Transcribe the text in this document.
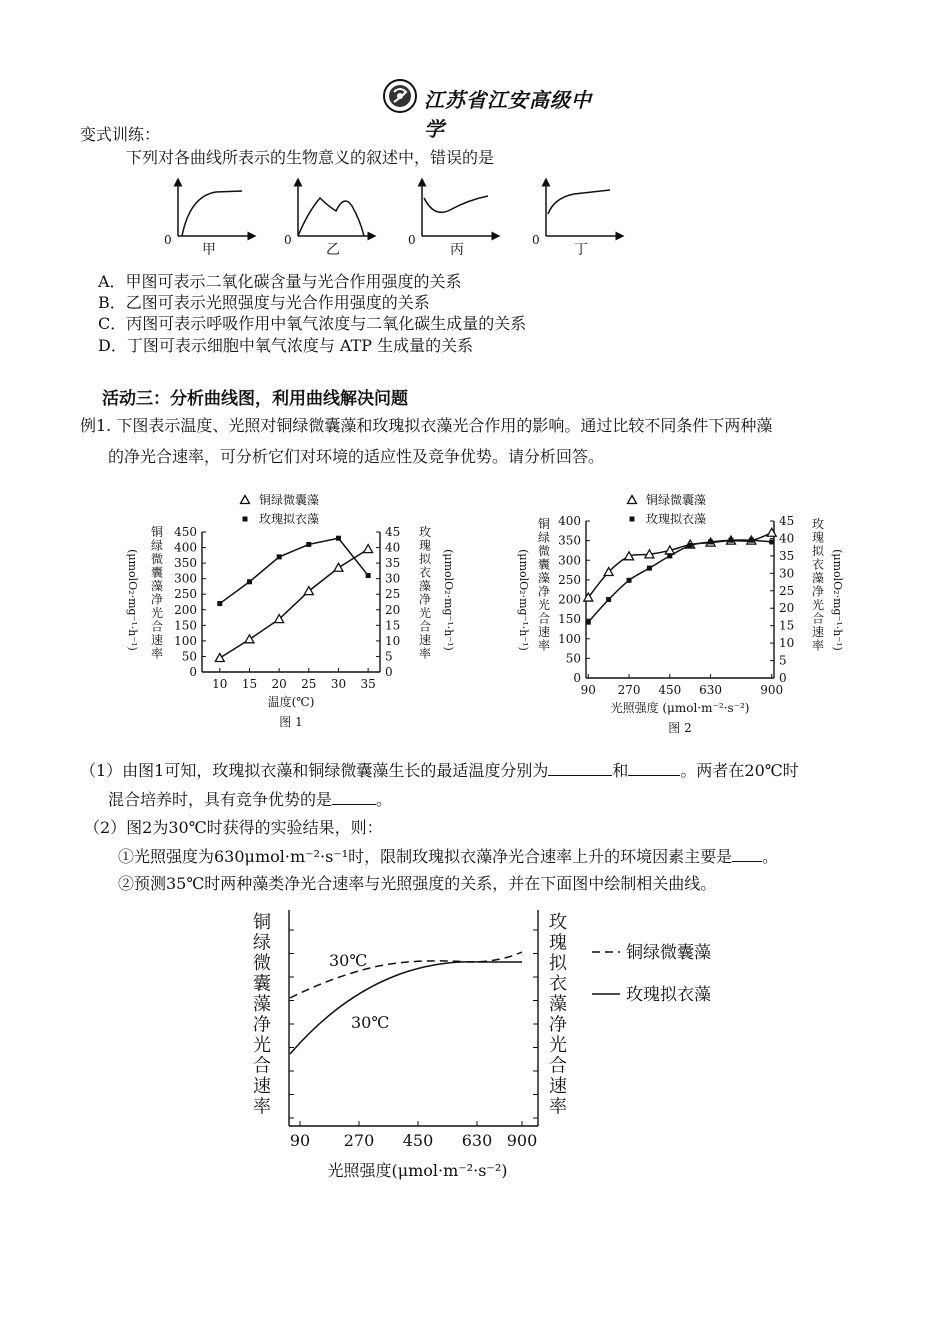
江苏省江安高级中学
变式训练：
下列对各曲线所表示的生物意义的叙述中，错误的是
0	0	0	0
甲	乙	丙	丁
A．甲图可表示二氧化碳含量与光合作用强度的关系
B．乙图可表示光照强度与光合作用强度的关系
C．丙图可表示呼吸作用中氧气浓度与二氧化碳生成量的关系
D．丁图可表示细胞中氧气浓度与 ATP 生成量的关系
活动三：分析曲线图，利用曲线解决问题
例1. 下图表示温度、光照对铜绿微囊藻和玫瑰拟衣藻光合作用的影响。通过比较不同条件下两种藻
的净光合速率，可分析它们对环境的适应性及竞争优势。请分析回答。
0
50
100
150
200
250
300
350
400
450
0
5
10
15
20
25
30
35
40
45
10 15 20 25 30 35
铜绿微囊藻
玫瑰拟衣藻
铜
绿
微
囊
藻
净
光
合
速
率
(μmolO₂·mg⁻¹·h⁻¹)
玫
瑰
拟
衣
藻
净
光
合
速
率
(μmolO₂·mg⁻¹·h⁻¹)
温度(℃)
图 1
0
50
100
150
200
250
300
350
400
0
5
10
15
20
25
30
35
40
45
90 270 450 630	900
铜绿微囊藻
玫瑰拟衣藻
铜
绿
微
囊
藻
净
光
合
速
率
(μmolO₂·mg⁻¹·h⁻¹)
玫
瑰
拟
衣
藻
净
光
合
速
率 (μmolO₂·mg⁻¹·h⁻¹)
光照强度 (μmol·m⁻²·s⁻²)
图 2
（1）由图1可知，玫瑰拟衣藻和铜绿微囊藻生长的最适温度分别为	和	。两者在20℃时
混合培养时，具有竞争优势的是	。
（2）图2为30℃时获得的实验结果，则：
①光照强度为630μmol·m⁻²·s⁻¹时，限制玫瑰拟衣藻净光合速率上升的环境因素主要是 。
②预测35℃时两种藻类净光合速率与光照强度的关系，并在下面图中绘制相关曲线。
90 270 450 630 900
30℃
30℃
铜
绿
微
囊
藻
净
光
合
速
率
玫
瑰
拟
衣
藻
净
光
合
速
率
光照强度(μmol·m⁻²·s⁻²)
铜绿微囊藻
玫瑰拟衣藻
